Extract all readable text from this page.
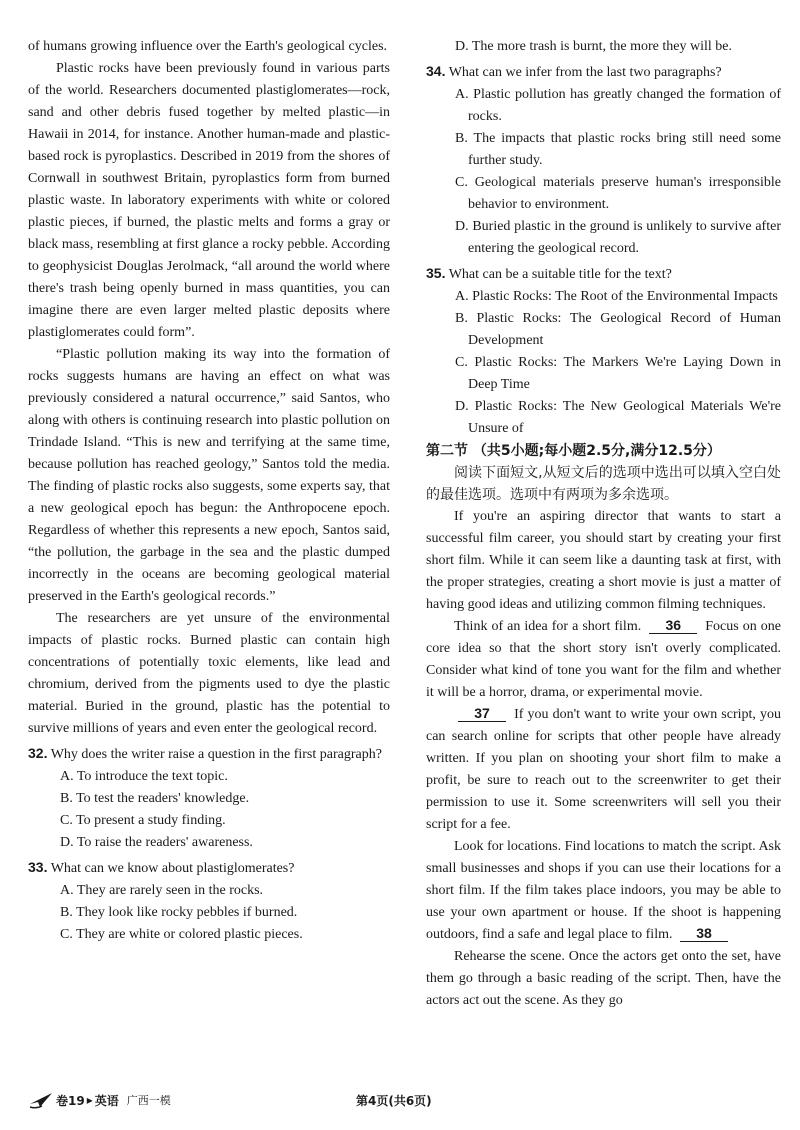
of humans growing influence over the Earth's geological cycles.

Plastic rocks have been previously found in various parts of the world. Researchers documented plastiglomerates—rock, sand and other debris fused together by melted plastic—in Hawaii in 2014, for instance. Another human-made and plastic-based rock is pyroplastics. Described in 2019 from the shores of Cornwall in southwest Britain, pyroplastics form from burned plastic waste. In laboratory experiments with white or colored plastic pieces, if burned, the plastic melts and forms a gray or black mass, resembling at first glance a rocky pebble. According to geophysicist Douglas Jerolmack, “all around the world where there's trash being openly burned in mass quantities, you can imagine there are even larger melted plastic deposits where plastiglomerates could form”.

“Plastic pollution making its way into the formation of rocks suggests humans are having an effect on what was previously considered a natural occurrence,” said Santos, who along with others is continuing research into plastic pollution on Trindade Island. “This is new and terrifying at the same time, because pollution has reached geology,” Santos told the media. The finding of plastic rocks also suggests, some experts say, that a new geological epoch has begun: the Anthropocene epoch. Regardless of whether this represents a new epoch, Santos said, “the pollution, the garbage in the sea and the plastic dumped incorrectly in the oceans are becoming geological material preserved in the Earth's geological records.”

The researchers are yet unsure of the environmental impacts of plastic rocks. Burned plastic can contain high concentrations of potentially toxic elements, like lead and chromium, derived from the pigments used to dye the plastic material. Buried in the ground, plastic has the potential to survive millions of years and even enter the geological record.

32. Why does the writer raise a question in the first paragraph?

A. To introduce the text topic.

B. To test the readers' knowledge.

C. To present a study finding.

D. To raise the readers' awareness.

33. What can we know about plastiglomerates?

A. They are rarely seen in the rocks.

B. They look like rocky pebbles if burned.

C. They are white or colored plastic pieces.

D. The more trash is burnt, the more they will be.

34. What can we infer from the last two paragraphs?

A. Plastic pollution has greatly changed the formation of rocks.

B. The impacts that plastic rocks bring still need some further study.

C. Geological materials preserve human's irresponsible behavior to environment.

D. Buried plastic in the ground is unlikely to survive after entering the geological record.

35. What can be a suitable title for the text?

A. Plastic Rocks: The Root of the Environmental Impacts

B. Plastic Rocks: The Geological Record of Human Development

C. Plastic Rocks: The Markers We're Laying Down in Deep Time

D. Plastic Rocks: The New Geological Materials We're Unsure of

第二节 （共5小题;每小题2.5分,满分12.5分）

阅读下面短文,从短文后的选项中选出可以填入空白处的最佳选项。选项中有两项为多余选项。

If you're an aspiring director that wants to start a successful film career, you should start by creating your first short film. While it can seem like a daunting task at first, with the proper strategies, creating a short movie is just a matter of having good ideas and utilizing common filming techniques.

Think of an idea for a short film. 36 Focus on one core idea so that the short story isn't overly complicated. Consider what kind of tone you want for the film and whether it will be a horror, drama, or experimental movie.

37 If you don't want to write your own script, you can search online for scripts that other people have already written. If you plan on shooting your short film to make a profit, be sure to reach out to the screenwriter to get their permission to use it. Some screenwriters will sell you their script for a fee.

Look for locations. Find locations to match the script. Ask small businesses and shops if you can use their locations for a short film. If the film takes place indoors, you may be able to use your own apartment or house. If the shoot is happening outdoors, find a safe and legal place to film. 38

Rehearse the scene. Once the actors get onto the set, have them go through a basic reading of the script. Then, have the actors act out the scene. As they go

卷19 ▸ 英语 广西一模	第4页(共6页)
